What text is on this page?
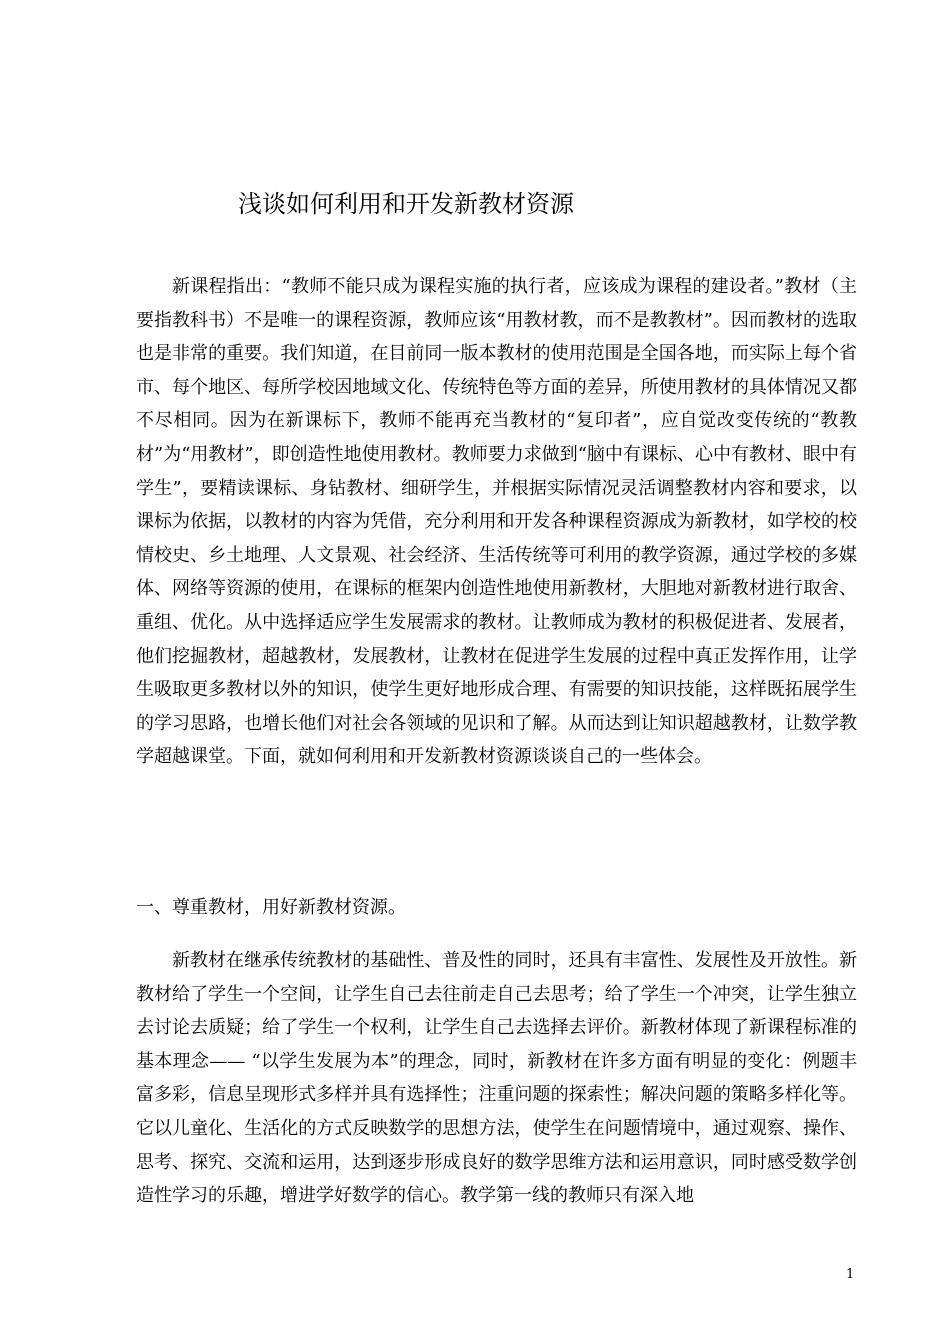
浅谈如何利用和开发新教材资源

新课程指出：“教师不能只成为课程实施的执行者，应该成为课程的建设者。”教材（主要指教科书）不是唯一的课程资源，教师应该“用教材教，而不是教教材”。因而教材的选取也是非常的重要。我们知道，在目前同一版本教材的使用范围是全国各地，而实际上每个省市、每个地区、每所学校因地域文化、传统特色等方面的差异，所使用教材的具体情况又都不尽相同。因为在新课标下，教师不能再充当教材的“复印者”，应自觉改变传统的“教教材”为“用教材”，即创造性地使用教材。教师要力求做到“脑中有课标、心中有教材、眼中有学生”，要精读课标、身钻教材、细研学生，并根据实际情况灵活调整教材内容和要求，以课标为依据，以教材的内容为凭借，充分利用和开发各种课程资源成为新教材，如学校的校情校史、乡土地理、人文景观、社会经济、生活传统等可利用的教学资源，通过学校的多媒体、网络等资源的使用，在课标的框架内创造性地使用新教材，大胆地对新教材进行取舍、重组、优化。从中选择适应学生发展需求的教材。让教师成为教材的积极促进者、发展者，他们挖掘教材，超越教材，发展教材，让教材在促进学生发展的过程中真正发挥作用，让学生吸取更多教材以外的知识，使学生更好地形成合理、有需要的知识技能，这样既拓展学生的学习思路，也增长他们对社会各领域的见识和了解。从而达到让知识超越教材，让数学教学超越课堂。下面，就如何利用和开发新教材资源谈谈自己的一些体会。

一、尊重教材，用好新教材资源。

新教材在继承传统教材的基础性、普及性的同时，还具有丰富性、发展性及开放性。新教材给了学生一个空间，让学生自己去往前走自己去思考；给了学生一个冲突，让学生独立去讨论去质疑；给了学生一个权利，让学生自己去选择去评价。新教材体现了新课程标准的基本理念—— “以学生发展为本”的理念，同时，新教材在许多方面有明显的变化：例题丰富多彩，信息呈现形式多样并具有选择性；注重问题的探索性；解决问题的策略多样化等。它以儿童化、生活化的方式反映数学的思想方法，使学生在问题情境中，通过观察、操作、思考、探究、交流和运用，达到逐步形成良好的数学思维方法和运用意识，同时感受数学创造性学习的乐趣，增进学好数学的信心。教学第一线的教师只有深入地

1
